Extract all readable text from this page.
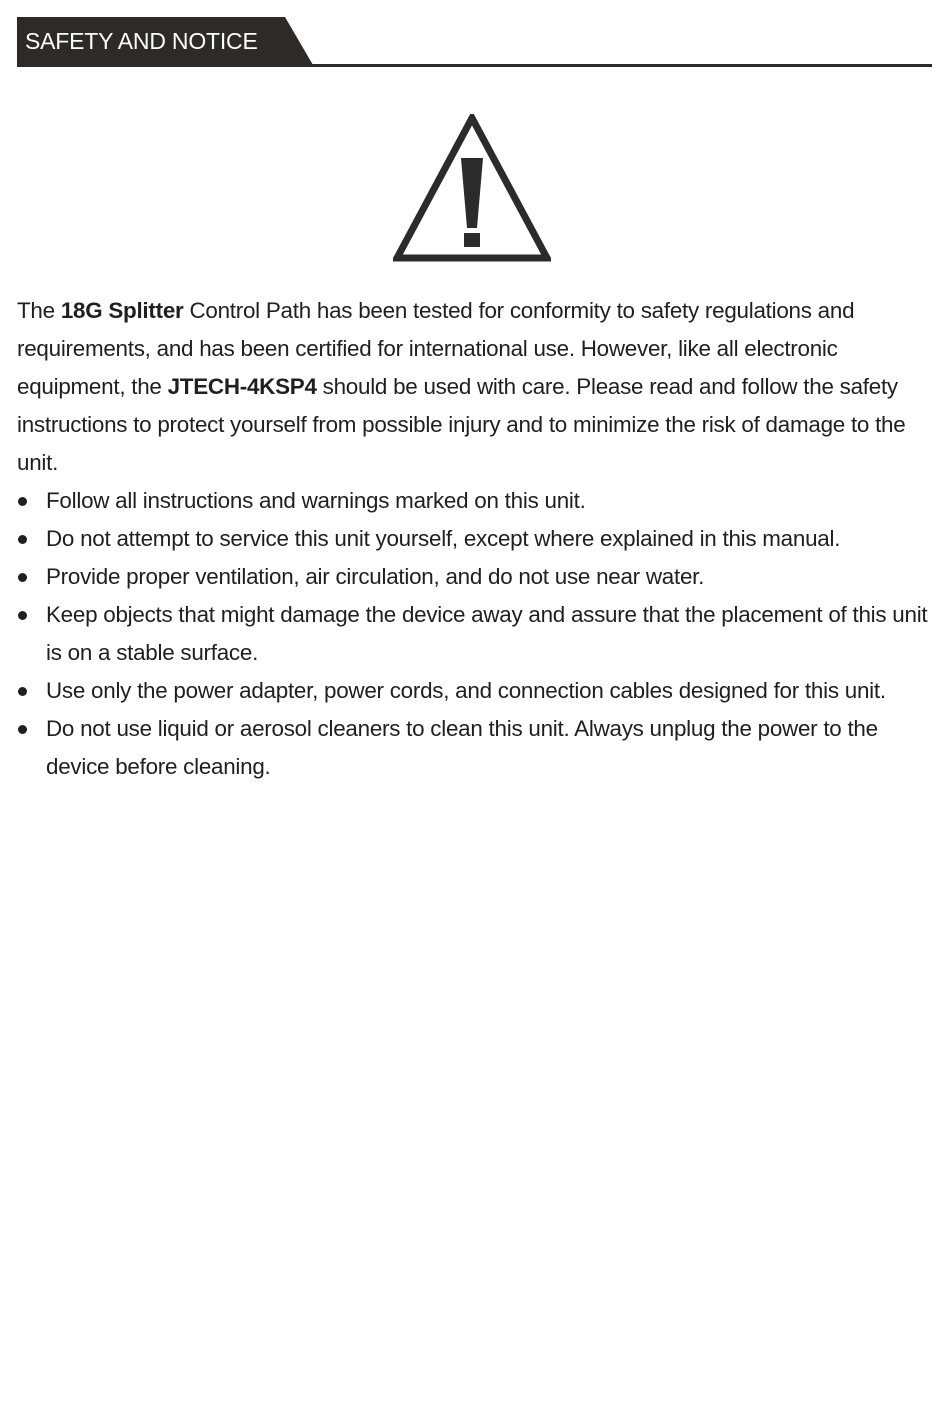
SAFETY AND NOTICE

The 18G Splitter Control Path has been tested for conformity to safety regulations and requirements, and has been certified for international use. However, like all electronic equipment, the JTECH-4KSP4 should be used with care. Please read and follow the safety instructions to protect yourself from possible injury and to minimize the risk of damage to the unit.

Follow all instructions and warnings marked on this unit.
Do not attempt to service this unit yourself, except where explained in this manual.
Provide proper ventilation, air circulation, and do not use near water.
Keep objects that might damage the device away and assure that the placement of this unit is on a stable surface.
Use only the power adapter, power cords, and connection cables designed for this unit.
Do not use liquid or aerosol cleaners to clean this unit. Always unplug the power to the device before cleaning.
